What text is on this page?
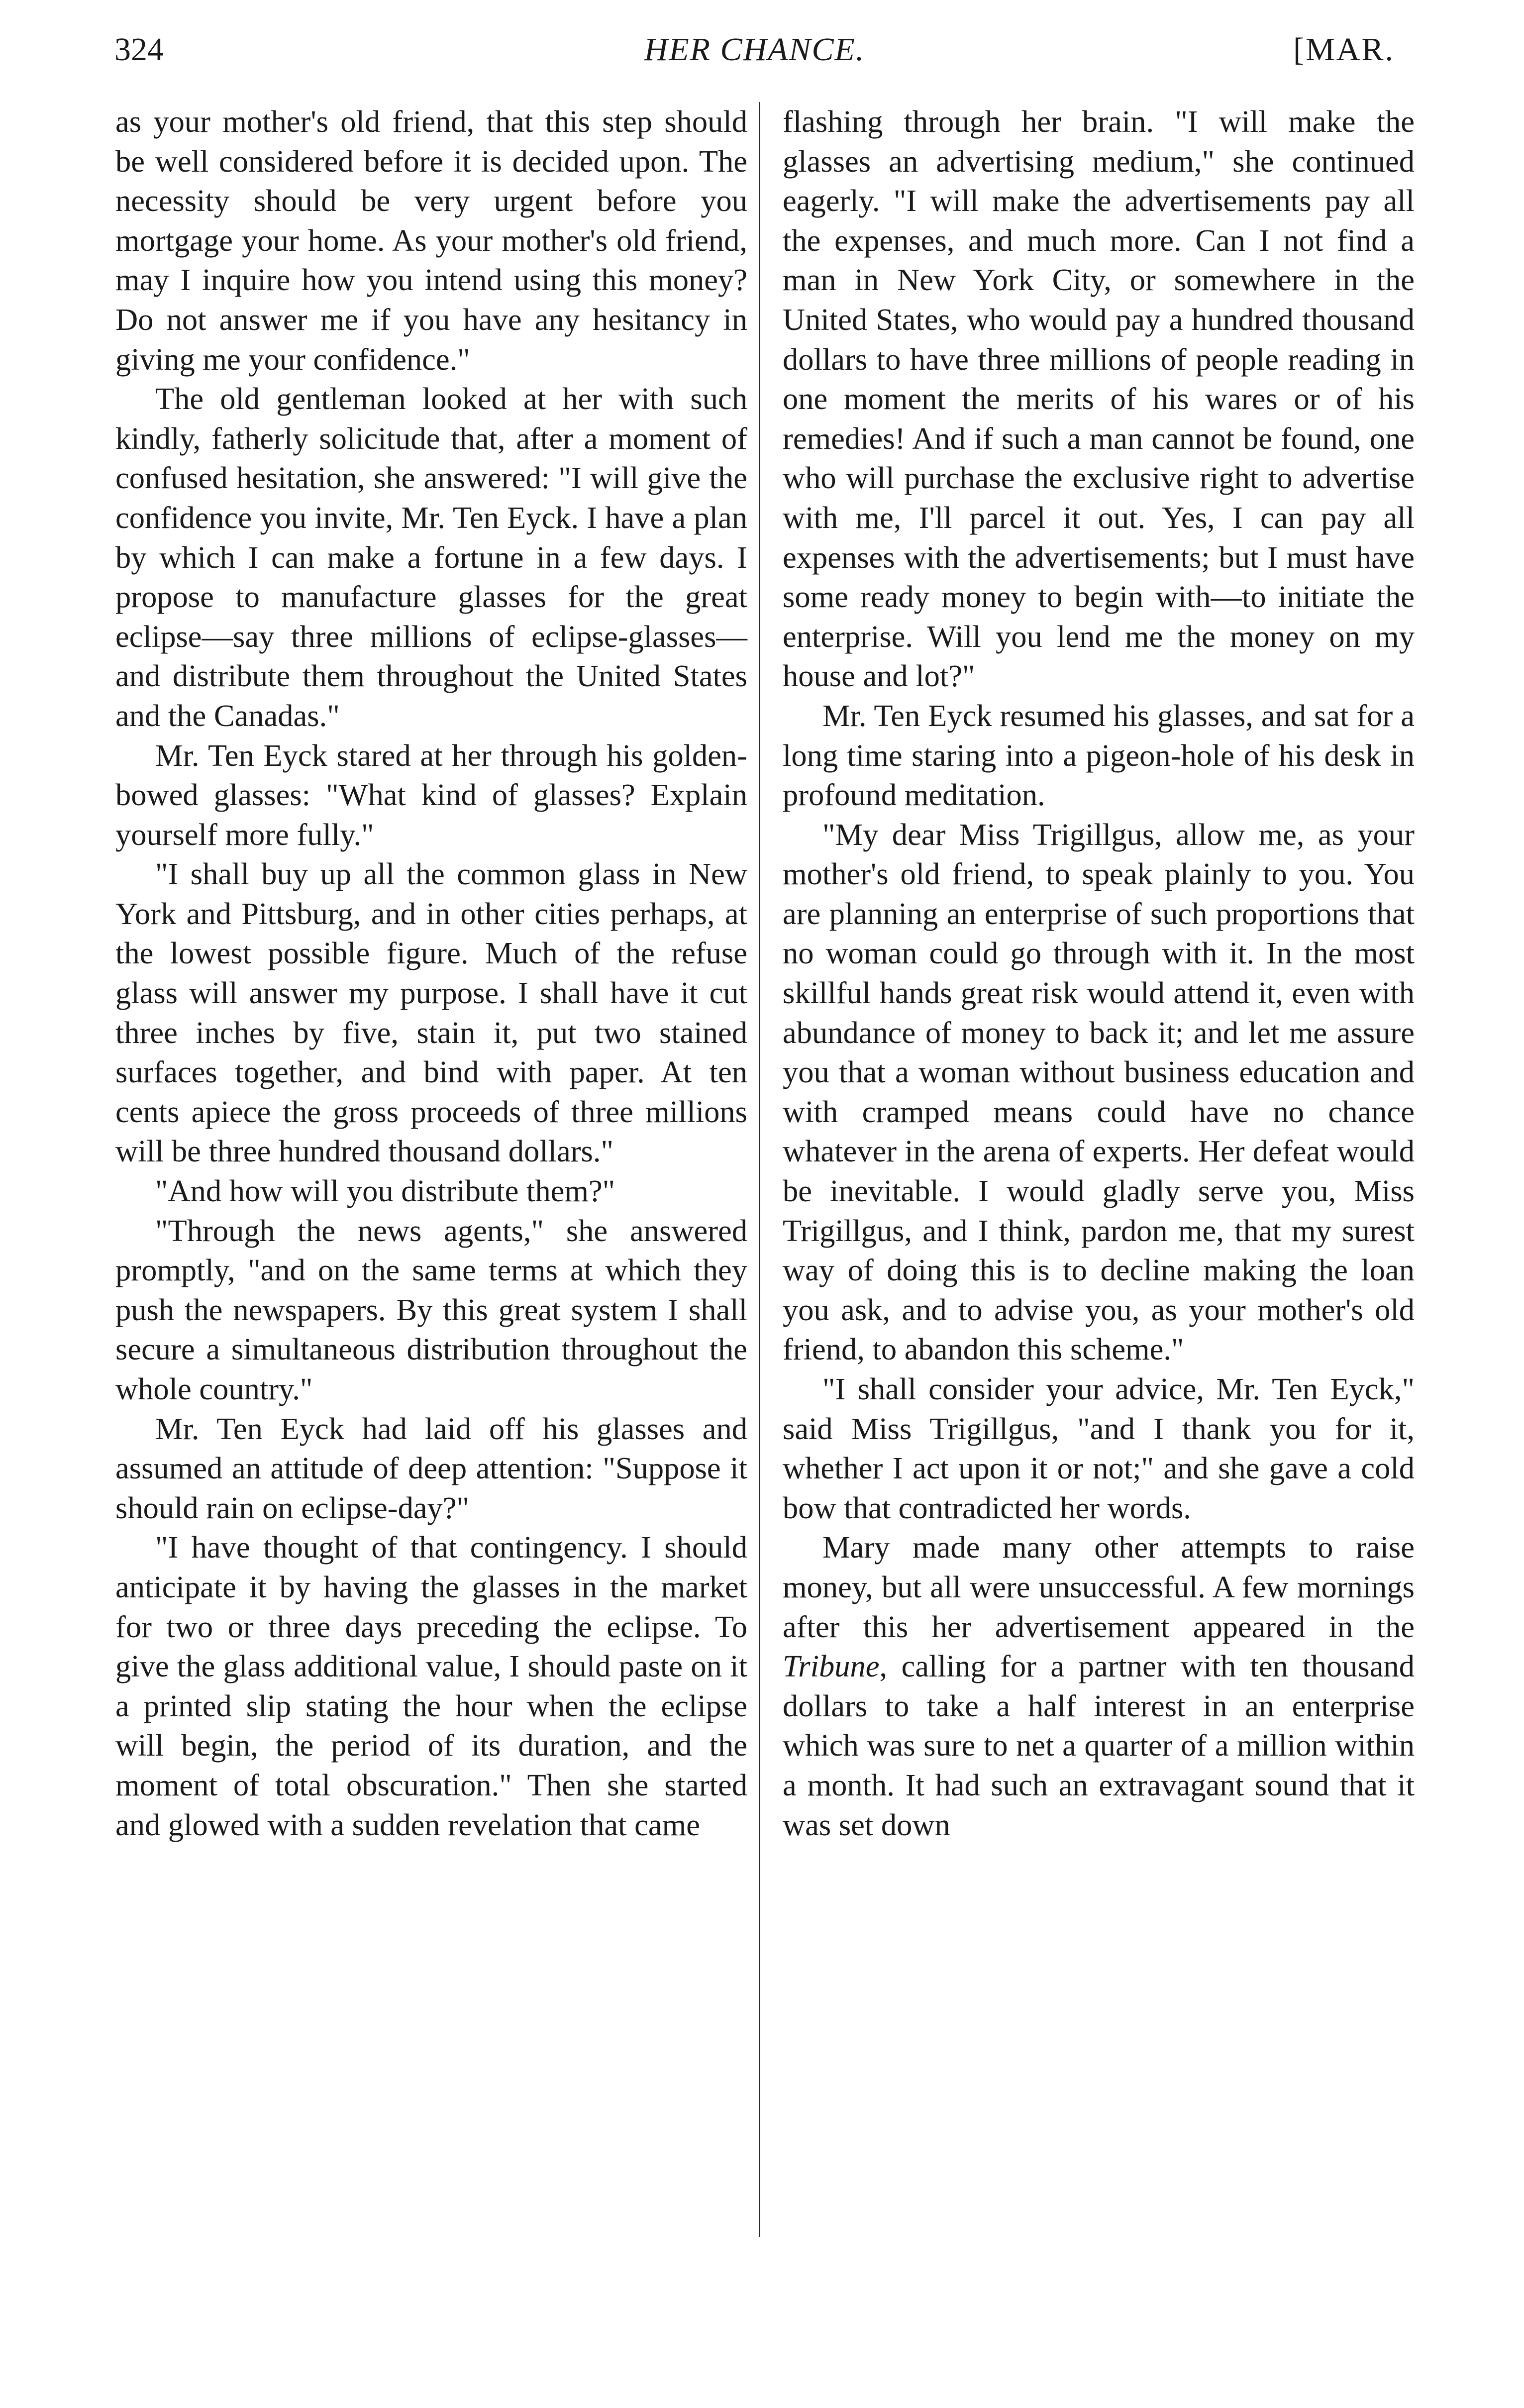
324	HER CHANCE.	[MAR.

as your mother's old friend, that this step should be well considered before it is decided upon. The necessity should be very urgent before you mortgage your home. As your mother's old friend, may I inquire how you intend using this money? Do not answer me if you have any hesitancy in giving me your confidence."

The old gentleman looked at her with such kindly, fatherly solicitude that, after a moment of confused hesitation, she answered: "I will give the confidence you invite, Mr. Ten Eyck. I have a plan by which I can make a fortune in a few days. I propose to manufacture glasses for the great eclipse—say three millions of eclipse-glasses—and distribute them throughout the United States and the Canadas."

Mr. Ten Eyck stared at her through his golden-bowed glasses: "What kind of glasses? Explain yourself more fully."

"I shall buy up all the common glass in New York and Pittsburg, and in other cities perhaps, at the lowest possible figure. Much of the refuse glass will answer my purpose. I shall have it cut three inches by five, stain it, put two stained surfaces together, and bind with paper. At ten cents apiece the gross proceeds of three millions will be three hundred thousand dollars."

"And how will you distribute them?"

"Through the news agents," she answered promptly, "and on the same terms at which they push the newspapers. By this great system I shall secure a simultaneous distribution throughout the whole country."

Mr. Ten Eyck had laid off his glasses and assumed an attitude of deep attention: "Suppose it should rain on eclipse-day?"

"I have thought of that contingency. I should anticipate it by having the glasses in the market for two or three days preceding the eclipse. To give the glass additional value, I should paste on it a printed slip stating the hour when the eclipse will begin, the period of its duration, and the moment of total obscuration." Then she started and glowed with a sudden revelation that came

flashing through her brain. "I will make the glasses an advertising medium," she continued eagerly. "I will make the advertisements pay all the expenses, and much more. Can I not find a man in New York City, or somewhere in the United States, who would pay a hundred thousand dollars to have three millions of people reading in one moment the merits of his wares or of his remedies! And if such a man cannot be found, one who will purchase the exclusive right to advertise with me, I'll parcel it out. Yes, I can pay all expenses with the advertisements; but I must have some ready money to begin with—to initiate the enterprise. Will you lend me the money on my house and lot?"

Mr. Ten Eyck resumed his glasses, and sat for a long time staring into a pigeon-hole of his desk in profound meditation.

"My dear Miss Trigillgus, allow me, as your mother's old friend, to speak plainly to you. You are planning an enterprise of such proportions that no woman could go through with it. In the most skillful hands great risk would attend it, even with abundance of money to back it; and let me assure you that a woman without business education and with cramped means could have no chance whatever in the arena of experts. Her defeat would be inevitable. I would gladly serve you, Miss Trigillgus, and I think, pardon me, that my surest way of doing this is to decline making the loan you ask, and to advise you, as your mother's old friend, to abandon this scheme."

"I shall consider your advice, Mr. Ten Eyck," said Miss Trigillgus, "and I thank you for it, whether I act upon it or not;" and she gave a cold bow that contradicted her words.

Mary made many other attempts to raise money, but all were unsuccessful. A few mornings after this her advertisement appeared in the Tribune, calling for a partner with ten thousand dollars to take a half interest in an enterprise which was sure to net a quarter of a million within a month. It had such an extravagant sound that it was set down
